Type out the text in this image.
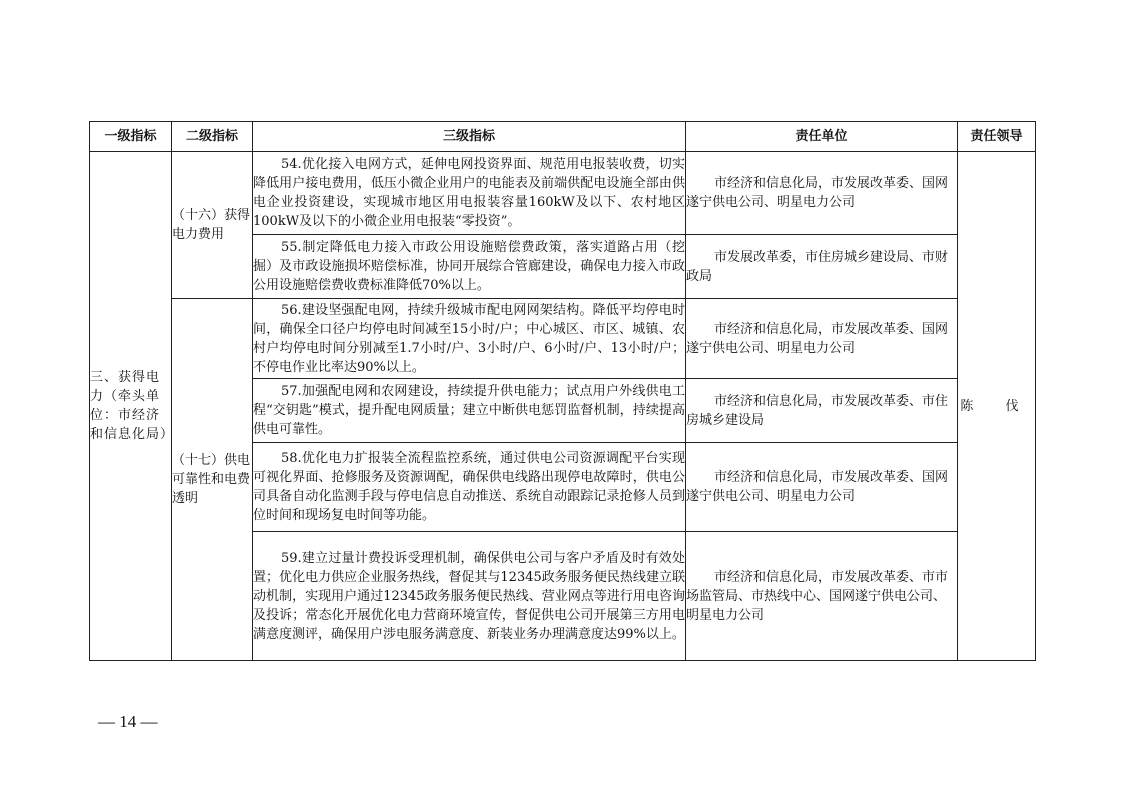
一级指标	二级指标	三级指标	责任单位	责任领导
三、获得电力（牵头单位：市经济和信息化局）	（十六）获得电力费用	54.优化接入电网方式，延伸电网投资界面、规范用电报装收费，切实降低用户接电费用，低压小微企业用户的电能表及前端供配电设施全部由供电企业投资建设，实现城市地区用电报装容量160kW及以下、农村地区100kW及以下的小微企业用电报装“零投资”。	市经济和信息化局，市发展改革委、国网遂宁供电公司、明星电力公司	陈 伐
		55.制定降低电力接入市政公用设施赔偿费政策，落实道路占用（挖掘）及市政设施损坏赔偿标准，协同开展综合管廊建设，确保电力接入市政公用设施赔偿费收费标准降低70%以上。	市发展改革委，市住房城乡建设局、市财政局	
	（十七）供电可靠性和电费透明	56.建设坚强配电网，持续升级城市配电网网架结构。降低平均停电时间，确保全口径户均停电时间减至15小时/户；中心城区、市区、城镇、农村户均停电时间分别减至1.7小时/户、3小时/户、6小时/户、13小时/户；不停电作业比率达90%以上。	市经济和信息化局，市发展改革委、国网遂宁供电公司、明星电力公司	
		57.加强配电网和农网建设，持续提升供电能力；试点用户外线供电工程“交钥匙”模式，提升配电网质量；建立中断供电惩罚监督机制，持续提高供电可靠性。	市经济和信息化局，市发展改革委、市住房城乡建设局	
		58.优化电力扩报装全流程监控系统，通过供电公司资源调配平台实现可视化界面、抢修服务及资源调配，确保供电线路出现停电故障时，供电公司具备自动化监测手段与停电信息自动推送、系统自动跟踪记录抢修人员到位时间和现场复电时间等功能。	市经济和信息化局，市发展改革委、国网遂宁供电公司、明星电力公司	
		59.建立过量计费投诉受理机制，确保供电公司与客户矛盾及时有效处置；优化电力供应企业服务热线，督促其与12345政务服务便民热线建立联动机制，实现用户通过12345政务服务便民热线、营业网点等进行用电咨询及投诉；常态化开展优化电力营商环境宣传，督促供电公司开展第三方用电满意度测评，确保用户涉电服务满意度、新装业务办理满意度达99%以上。	市经济和信息化局，市发展改革委、市市场监管局、市热线中心、国网遂宁供电公司、明星电力公司	
— 14 —
